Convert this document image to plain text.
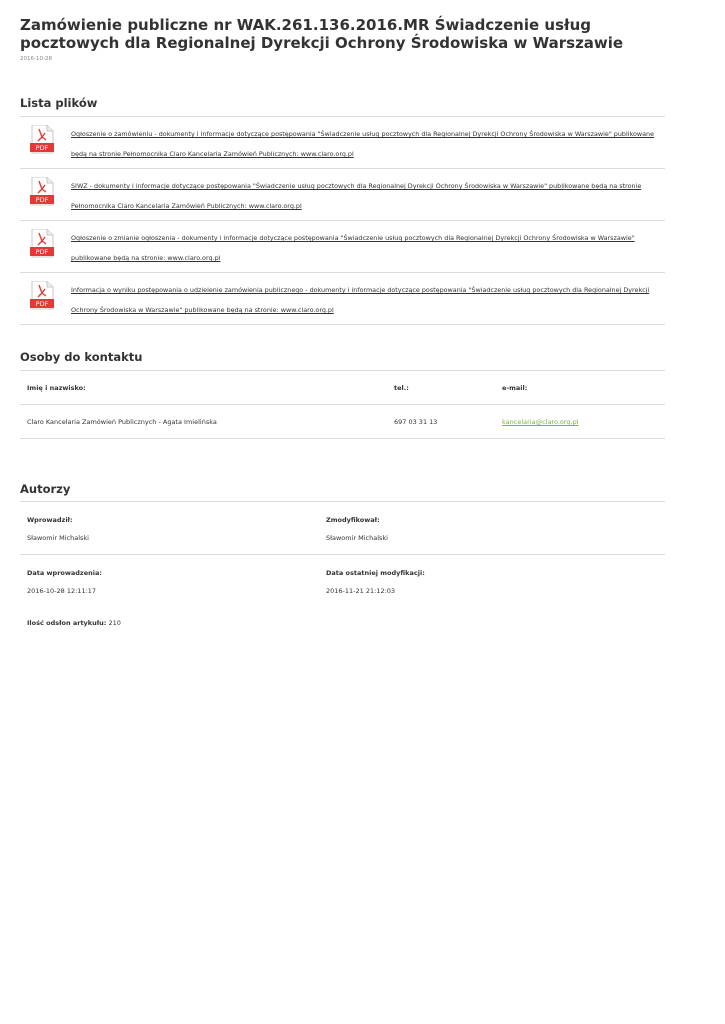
Zamówienie publiczne nr WAK.261.136.2016.MR Świadczenie usług pocztowych dla Regionalnej Dyrekcji Ochrony Środowiska w Warszawie
2016-10-28
Lista plików
PDF
Ogłoszenie o zamówieniu - dokumenty i informacje dotyczące postępowania "Świadczenie usług pocztowych dla Regionalnej Dyrekcji Ochrony Środowiska w Warszawie" publikowane będą na stronie Pełnomocnika Claro Kancelaria Zamówień Publicznych: www.claro.org.pl
PDF
SIWZ - dokumenty i informacje dotyczące postępowania "Świadczenie usług pocztowych dla Regionalnej Dyrekcji Ochrony Środowiska w Warszawie" publikowane będą na stronie Pełnomocnika Claro Kancelaria Zamówień Publicznych: www.claro.org.pl
PDF
Ogłoszenie o zmianie ogłoszenia - dokumenty i informacje dotyczące postępowania "Świadczenie usług pocztowych dla Regionalnej Dyrekcji Ochrony Środowiska w Warszawie" publikowane będą na stronie: www.claro.org.pl
PDF
Informacja o wyniku postępowania o udzielenie zamówienia publicznego - dokumenty i informacje dotyczące postępowania "Świadczenie usług pocztowych dla Regionalnej Dyrekcji Ochrony Środowiska w Warszawie" publikowane będą na stronie: www.claro.org.pl
Osoby do kontaktu
Imię i nazwisko:	tel.:	e-mail:
Claro Kancelaria Zamówień Publicznych - Agata Imielińska	697 03 31 13	kancelaria@claro.org.pl
Autorzy
Wprowadził:
Sławomir Michalski
Zmodyfikował:
Sławomir Michalski
Data wprowadzenia:
2016-10-28 12:11:17
Data ostatniej modyfikacji:
2016-11-21 21:12:03
Ilość odsłon artykułu: 210
